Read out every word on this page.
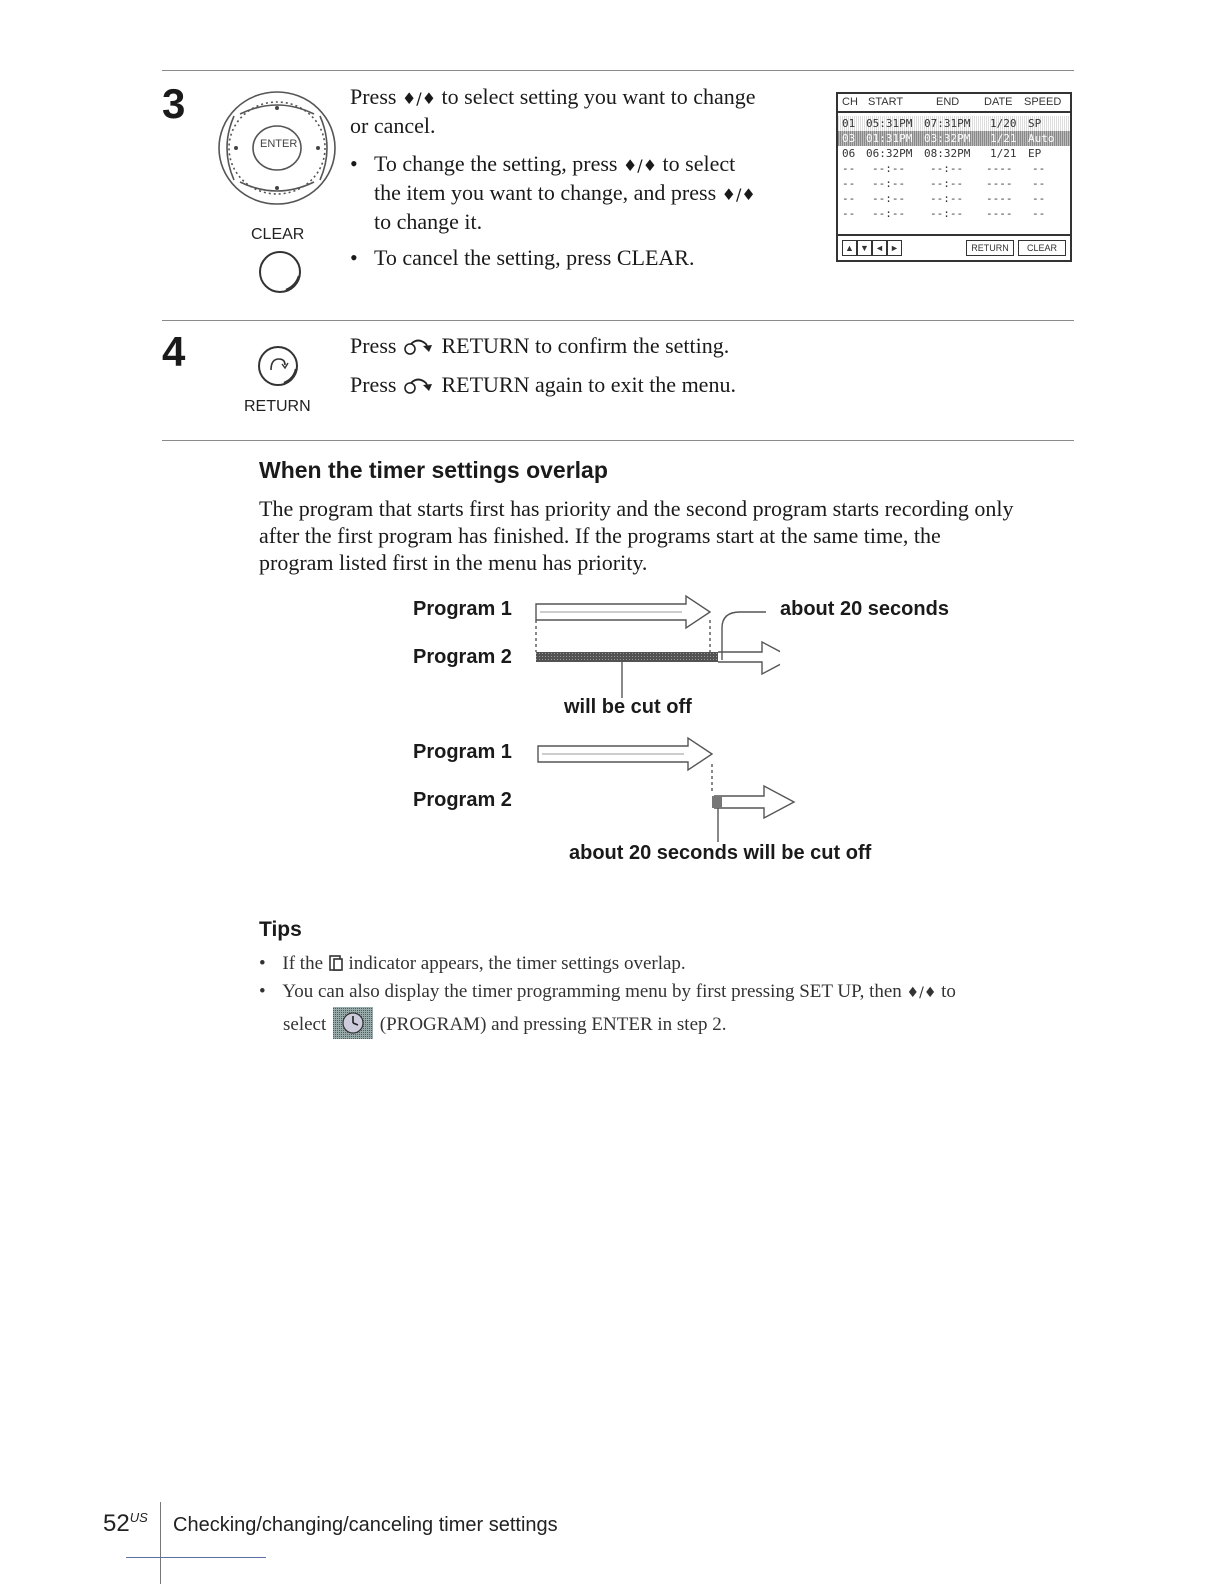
3
ENTER
CLEAR
Press ♦/♦ to select setting you want to change
or cancel.
• To change the setting, press ♦/♦ to select
the item you want to change, and press ♦/♦
to change it.
• To cancel the setting, press CLEAR.
CH START	END DATE SPEED
01 05:31PM 07:31PM 1/20 SP
03 01:31PM 03:32PM 1/21 Auto
06 06:32PM 08:32PM 1/21 EP
-- --:-- --:-- ---- --
-- --:-- --:-- ---- --
-- --:-- --:-- ---- --
-- --:-- --:-- ---- --
▲ ▼ ◄ ►	RETURN	CLEAR
4
RETURN
Press RETURN to confirm the setting.
Press RETURN again to exit the menu.
When the timer settings overlap
The program that starts first has priority and the second program starts recording only
after the first program has finished. If the programs start at the same time, the
program listed first in the menu has priority.
Program 1
Program 2
about 20 seconds
will be cut off
Program 1
Program 2
about 20 seconds will be cut off
Tips
• If the indicator appears, the timer settings overlap.
• You can also display the timer programming menu by first pressing SET UP, then ♦/♦ to
select	(PROGRAM) and pressing ENTER in step 2.
$52^{US}$ Checking/changing/canceling timer settings
